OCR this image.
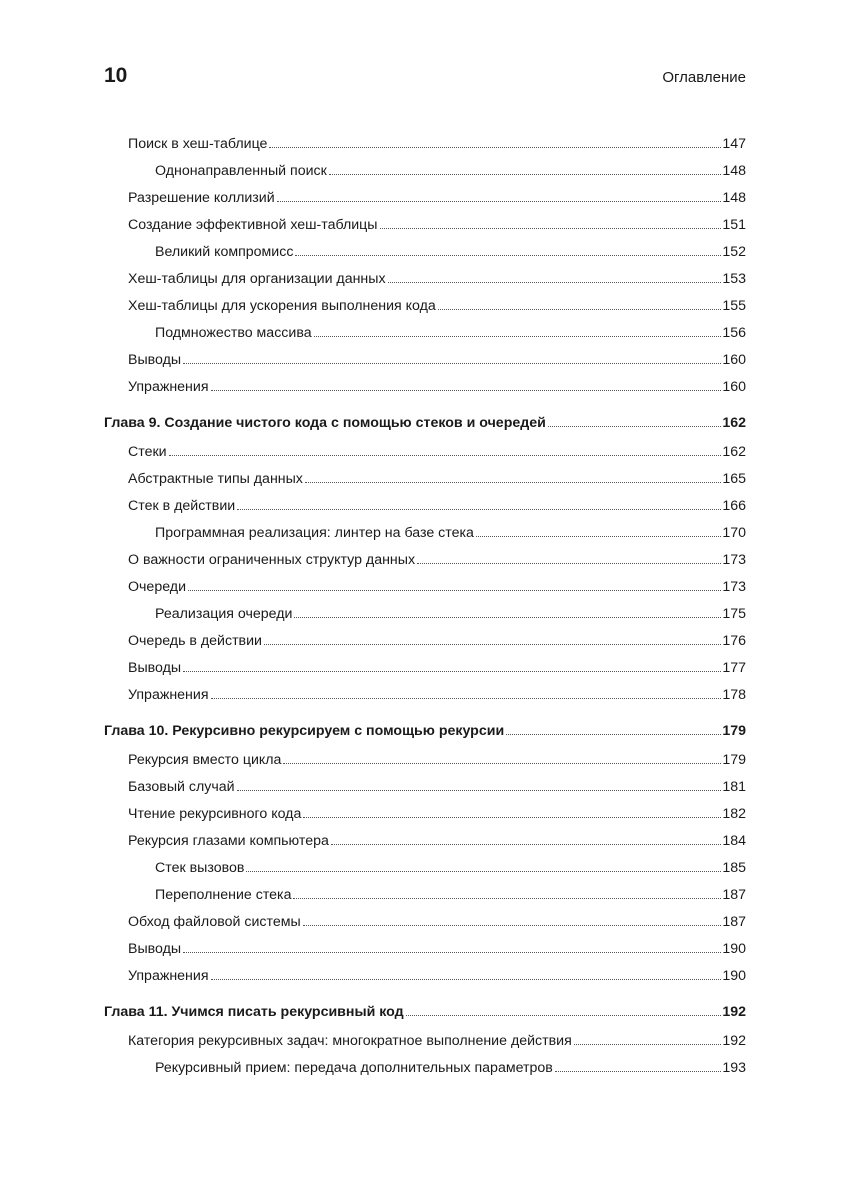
10	Оглавление
Поиск в хеш-таблице	147
Однонаправленный поиск	148
Разрешение коллизий	148
Создание эффективной хеш-таблицы	151
Великий компромисс	152
Хеш-таблицы для организации данных	153
Хеш-таблицы для ускорения выполнения кода	155
Подмножество массива	156
Выводы	160
Упражнения	160
Глава 9. Создание чистого кода с помощью стеков и очередей	162
Стеки	162
Абстрактные типы данных	165
Стек в действии	166
Программная реализация: линтер на базе стека	170
О важности ограниченных структур данных	173
Очереди	173
Реализация очереди	175
Очередь в действии	176
Выводы	177
Упражнения	178
Глава 10. Рекурсивно рекурсируем с помощью рекурсии	179
Рекурсия вместо цикла	179
Базовый случай	181
Чтение рекурсивного кода	182
Рекурсия глазами компьютера	184
Стек вызовов	185
Переполнение стека	187
Обход файловой системы	187
Выводы	190
Упражнения	190
Глава 11. Учимся писать рекурсивный код	192
Категория рекурсивных задач: многократное выполнение действия	192
Рекурсивный прием: передача дополнительных параметров	193
